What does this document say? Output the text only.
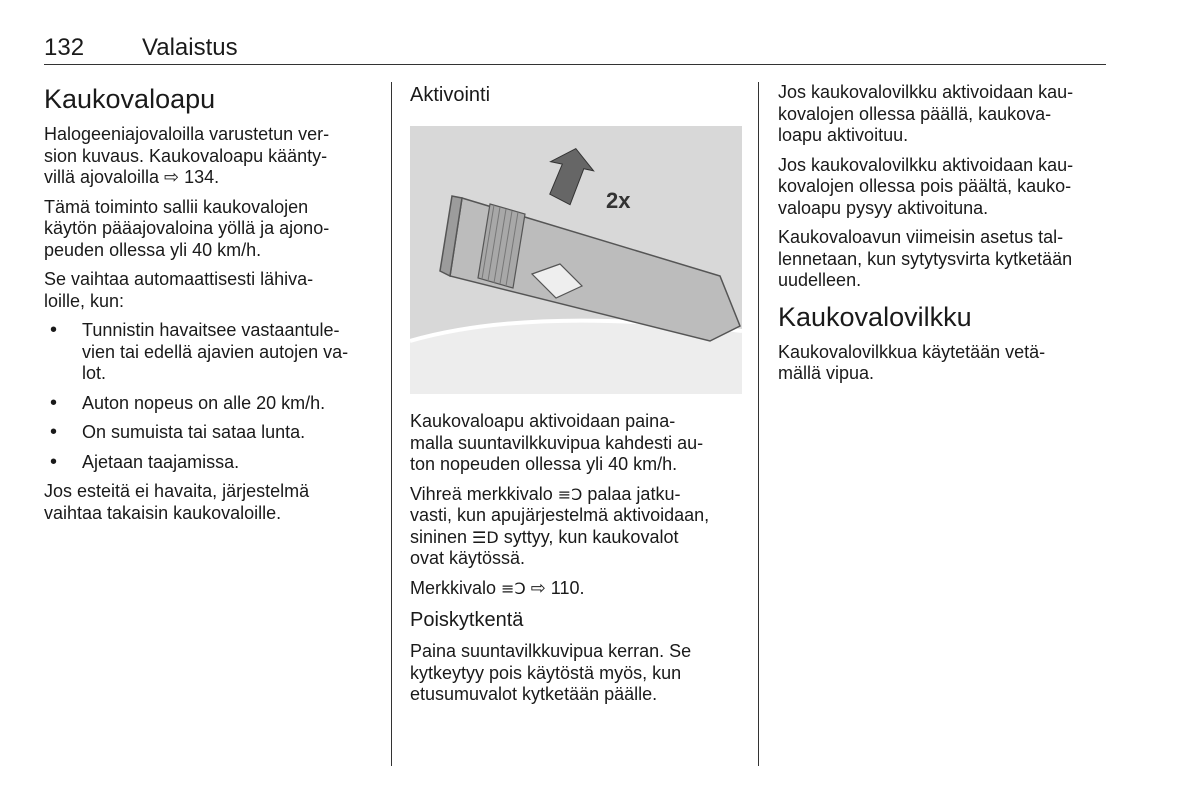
132 Valaistus
Kaukovaloapu

Halogeeniajovaloilla varustetun ver-
sion kuvaus. Kaukovaloapu käänty-
villä ajovaloilla ⇨ 134.

Tämä toiminto sallii kaukovalojen
käytön pääajovaloina yöllä ja ajono-
peuden ollessa yli 40 km/h.

Se vaihtaa automaattisesti lähiva-
loille, kun:

• Tunnistin havaitsee vastaantule-
vien tai edellä ajavien autojen va-
lot.
• Auton nopeus on alle 20 km/h.
• On sumuista tai sataa lunta.
• Ajetaan taajamissa.

Jos esteitä ei havaita, järjestelmä
vaihtaa takaisin kaukovaloille.

Aktivointi
2x

Kaukovaloapu aktivoidaan paina-
malla suuntavilkkuvipua kahdesti au-
ton nopeuden ollessa yli 40 km/h.

Vihreä merkkivalo ≡Ɔ palaa jatku-
vasti, kun apujärjestelmä aktivoidaan,
sininen ☰D syttyy, kun kaukovalot
ovat käytössä.

Merkkivalo ≡Ɔ ⇨ 110.

Poiskytkentä

Paina suuntavilkkuvipua kerran. Se
kytkeytyy pois käytöstä myös, kun
etusumuvalot kytketään päälle.

Jos kaukovalovilkku aktivoidaan kau-
kovalojen ollessa päällä, kaukova-
loapu aktivoituu.

Jos kaukovalovilkku aktivoidaan kau-
kovalojen ollessa pois päältä, kauko-
valoapu pysyy aktivoituna.

Kaukovaloavun viimeisin asetus tal-
lennetaan, kun sytytysvirta kytketään
uudelleen.

Kaukovalovilkku

Kaukovalovilkkua käytetään vetä-
mällä vipua.
